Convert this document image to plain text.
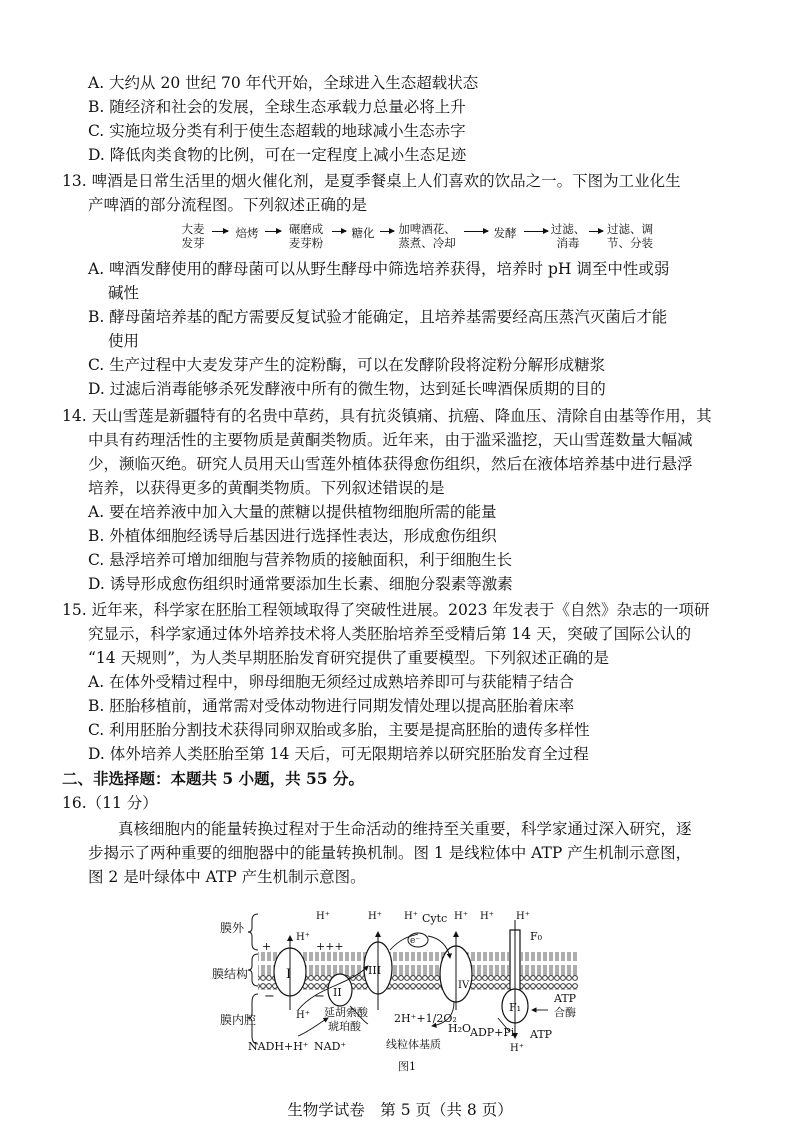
A. 大约从 20 世纪 70 年代开始，全球进入生态超载状态
B. 随经济和社会的发展，全球生态承载力总量必将上升
C. 实施垃圾分类有利于使生态超载的地球减小生态赤字
D. 降低肉类食物的比例，可在一定程度上减小生态足迹
13. 啤酒是日常生活里的烟火催化剂，是夏季餐桌上人们喜欢的饮品之一。下图为工业化生
产啤酒的部分流程图。下列叙述正确的是
大麦
发芽
焙烤	碾磨成
麦芽粉
糖化	加啤酒花、
蒸煮、冷却
发酵	过滤、
消毒
过滤、调
节、分装
A. 啤酒发酵使用的酵母菌可以从野生酵母中筛选培养获得，培养时 pH 调至中性或弱
碱性
B. 酵母菌培养基的配方需要反复试验才能确定，且培养基需要经高压蒸汽灭菌后才能
使用
C. 生产过程中大麦发芽产生的淀粉酶，可以在发酵阶段将淀粉分解形成糖浆
D. 过滤后消毒能够杀死发酵液中所有的微生物，达到延长啤酒保质期的目的
14. 天山雪莲是新疆特有的名贵中草药，具有抗炎镇痛、抗癌、降血压、清除自由基等作用，其
中具有药理活性的主要物质是黄酮类物质。近年来，由于滥采滥挖，天山雪莲数量大幅减
少，濒临灭绝。研究人员用天山雪莲外植体获得愈伤组织，然后在液体培养基中进行悬浮
培养，以获得更多的黄酮类物质。下列叙述错误的是
A. 要在培养液中加入大量的蔗糖以提供植物细胞所需的能量
B. 外植体细胞经诱导后基因进行选择性表达，形成愈伤组织
C. 悬浮培养可增加细胞与营养物质的接触面积，利于细胞生长
D. 诱导形成愈伤组织时通常要添加生长素、细胞分裂素等激素
15. 近年来，科学家在胚胎工程领域取得了突破性进展。2023 年发表于《自然》杂志的一项研
究显示，科学家通过体外培养技术将人类胚胎培养至受精后第 14 天，突破了国际公认的
“14 天规则”，为人类早期胚胎发育研究提供了重要模型。下列叙述正确的是
A. 在体外受精过程中，卵母细胞无须经过成熟培养即可与获能精子结合
B. 胚胎移植前，通常需对受体动物进行同期发情处理以提高胚胎着床率
C. 利用胚胎分割技术获得同卵双胎或多胎，主要是提高胚胎的遗传多样性
D. 体外培养人类胚胎至第 14 天后，可无限期培养以研究胚胎发育全过程
二、非选择题：本题共 5 小题，共 55 分。
16.（11 分）
真核细胞内的能量转换过程对于生命活动的维持至关重要，科学家通过深入研究，逐
步揭示了两种重要的细胞器中的能量转换机制。图 1 是线粒体中 ATP 产生机制示意图，
图 2 是叶绿体中 ATP 产生机制示意图。
膜外
膜结构
膜内腔
I
II
III
IV
e⁻	F₀
F₁
H⁺
H⁺
H⁺ H⁺	H⁺ H⁺ H⁺
H⁺
H⁺
Cytc
+	+++
−	−
延胡索酸
琥珀酸
2H⁺+1/2O₂
H₂O
NADH+H⁺ NAD⁺	线粒体基质
ADP+Pi ATP
ATP
合酶
图1
生物学试卷　第 5 页（共 8 页）
